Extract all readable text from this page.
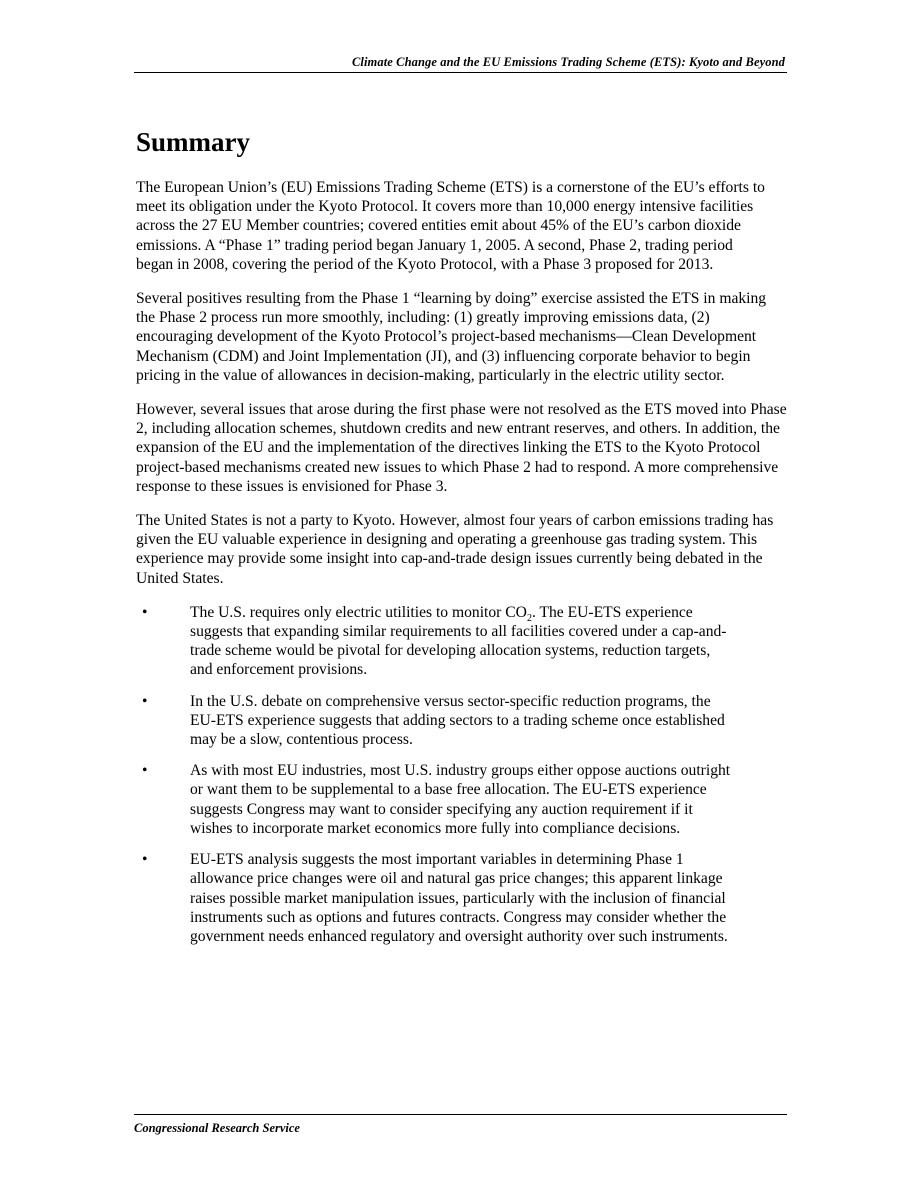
Climate Change and the EU Emissions Trading Scheme (ETS): Kyoto and Beyond
Summary

The European Union’s (EU) Emissions Trading Scheme (ETS) is a cornerstone of the EU’s efforts to meet its obligation under the Kyoto Protocol. It covers more than 10,000 energy intensive facilities across the 27 EU Member countries; covered entities emit about 45% of the EU’s carbon dioxide emissions. A “Phase 1” trading period began January 1, 2005. A second, Phase 2, trading period began in 2008, covering the period of the Kyoto Protocol, with a Phase 3 proposed for 2013.

Several positives resulting from the Phase 1 “learning by doing” exercise assisted the ETS in making the Phase 2 process run more smoothly, including: (1) greatly improving emissions data, (2) encouraging development of the Kyoto Protocol’s project-based mechanisms—Clean Development Mechanism (CDM) and Joint Implementation (JI), and (3) influencing corporate behavior to begin pricing in the value of allowances in decision-making, particularly in the electric utility sector.

However, several issues that arose during the first phase were not resolved as the ETS moved into Phase 2, including allocation schemes, shutdown credits and new entrant reserves, and others. In addition, the expansion of the EU and the implementation of the directives linking the ETS to the Kyoto Protocol project-based mechanisms created new issues to which Phase 2 had to respond. A more comprehensive response to these issues is envisioned for Phase 3.

The United States is not a party to Kyoto. However, almost four years of carbon emissions trading has given the EU valuable experience in designing and operating a greenhouse gas trading system. This experience may provide some insight into cap-and-trade design issues currently being debated in the United States.

•	The U.S. requires only electric utilities to monitor $CO_2$. The EU-ETS experience suggests that expanding similar requirements to all facilities covered under a cap-and-trade scheme would be pivotal for developing allocation systems, reduction targets, and enforcement provisions.
•	In the U.S. debate on comprehensive versus sector-specific reduction programs, the EU-ETS experience suggests that adding sectors to a trading scheme once established may be a slow, contentious process.
•	As with most EU industries, most U.S. industry groups either oppose auctions outright or want them to be supplemental to a base free allocation. The EU-ETS experience suggests Congress may want to consider specifying any auction requirement if it wishes to incorporate market economics more fully into compliance decisions.
•	EU-ETS analysis suggests the most important variables in determining Phase 1 allowance price changes were oil and natural gas price changes; this apparent linkage raises possible market manipulation issues, particularly with the inclusion of financial instruments such as options and futures contracts. Congress may consider whether the government needs enhanced regulatory and oversight authority over such instruments.
Congressional Research Service
